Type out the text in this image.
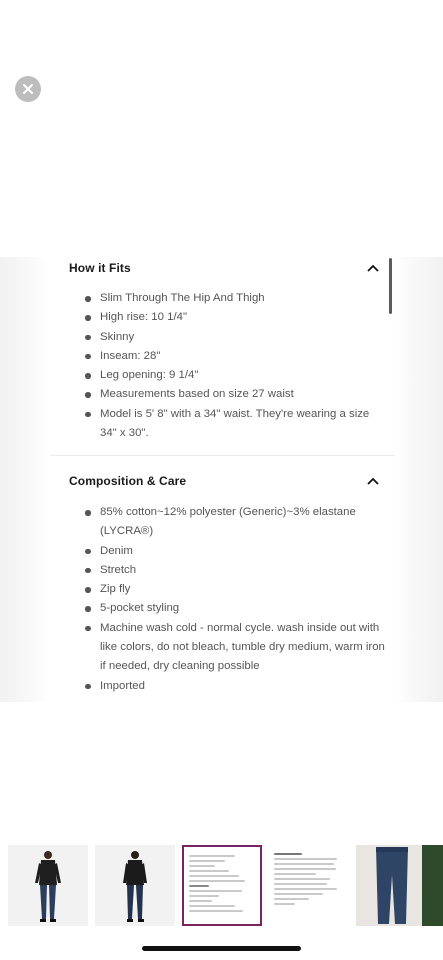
How it Fits
Slim Through The Hip And Thigh
High rise: 10 1/4"
Skinny
Inseam: 28"
Leg opening: 9 1/4"
Measurements based on size 27 waist
Model is 5' 8" with a 34" waist. They're wearing a size 34" x 30".
Composition & Care
85% cotton~12% polyester (Generic)~3% elastane (LYCRA®)
Denim
Stretch
Zip fly
5-pocket styling
Machine wash cold - normal cycle. wash inside out with like colors, do not bleach, tumble dry medium, warm iron if needed, dry cleaning possible
Imported
